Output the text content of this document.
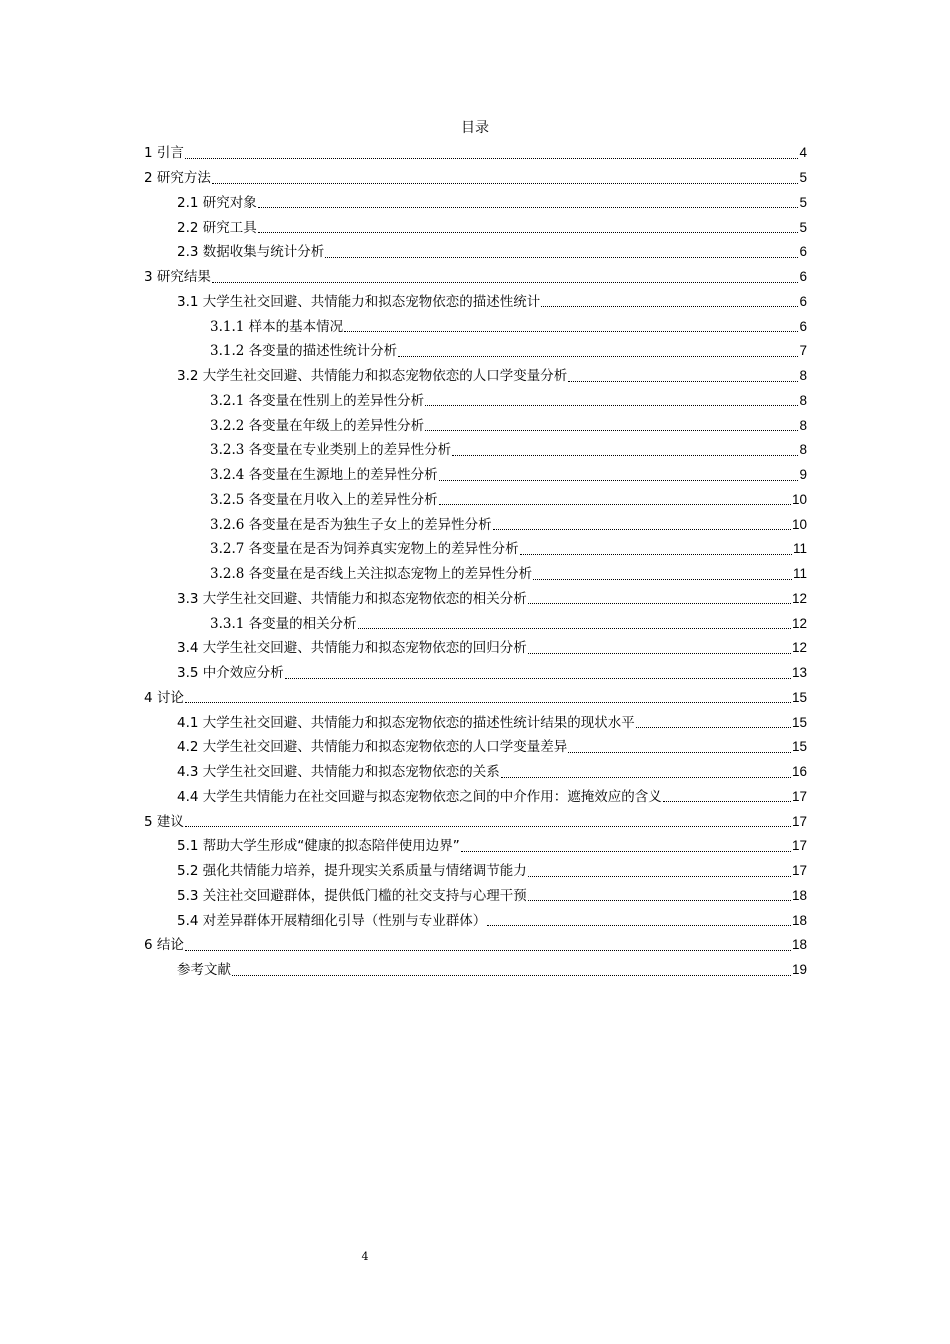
目录
1 引言	4
2 研究方法	5
2.1 研究对象	5
2.2 研究工具	5
2.3 数据收集与统计分析	6
3 研究结果	6
3.1 大学生社交回避、共情能力和拟态宠物依恋的描述性统计	6
3.1.1 样本的基本情况	6
3.1.2 各变量的描述性统计分析	7
3.2 大学生社交回避、共情能力和拟态宠物依恋的人口学变量分析	8
3.2.1 各变量在性别上的差异性分析	8
3.2.2 各变量在年级上的差异性分析	8
3.2.3 各变量在专业类别上的差异性分析	8
3.2.4 各变量在生源地上的差异性分析	9
3.2.5 各变量在月收入上的差异性分析	10
3.2.6 各变量在是否为独生子女上的差异性分析	10
3.2.7 各变量在是否为饲养真实宠物上的差异性分析	11
3.2.8 各变量在是否线上关注拟态宠物上的差异性分析	11
3.3 大学生社交回避、共情能力和拟态宠物依恋的相关分析	12
3.3.1 各变量的相关分析	12
3.4 大学生社交回避、共情能力和拟态宠物依恋的回归分析	12
3.5 中介效应分析	13
4 讨论	15
4.1 大学生社交回避、共情能力和拟态宠物依恋的描述性统计结果的现状水平	15
4.2 大学生社交回避、共情能力和拟态宠物依恋的人口学变量差异	15
4.3 大学生社交回避、共情能力和拟态宠物依恋的关系	16
4.4 大学生共情能力在社交回避与拟态宠物依恋之间的中介作用：遮掩效应的含义	17
5 建议	17
5.1 帮助大学生形成“健康的拟态陪伴使用边界”	17
5.2 强化共情能力培养，提升现实关系质量与情绪调节能力	17
5.3 关注社交回避群体，提供低门槛的社交支持与心理干预	18
5.4 对差异群体开展精细化引导（性别与专业群体）	18
6 结论	18
参考文献	19
4
